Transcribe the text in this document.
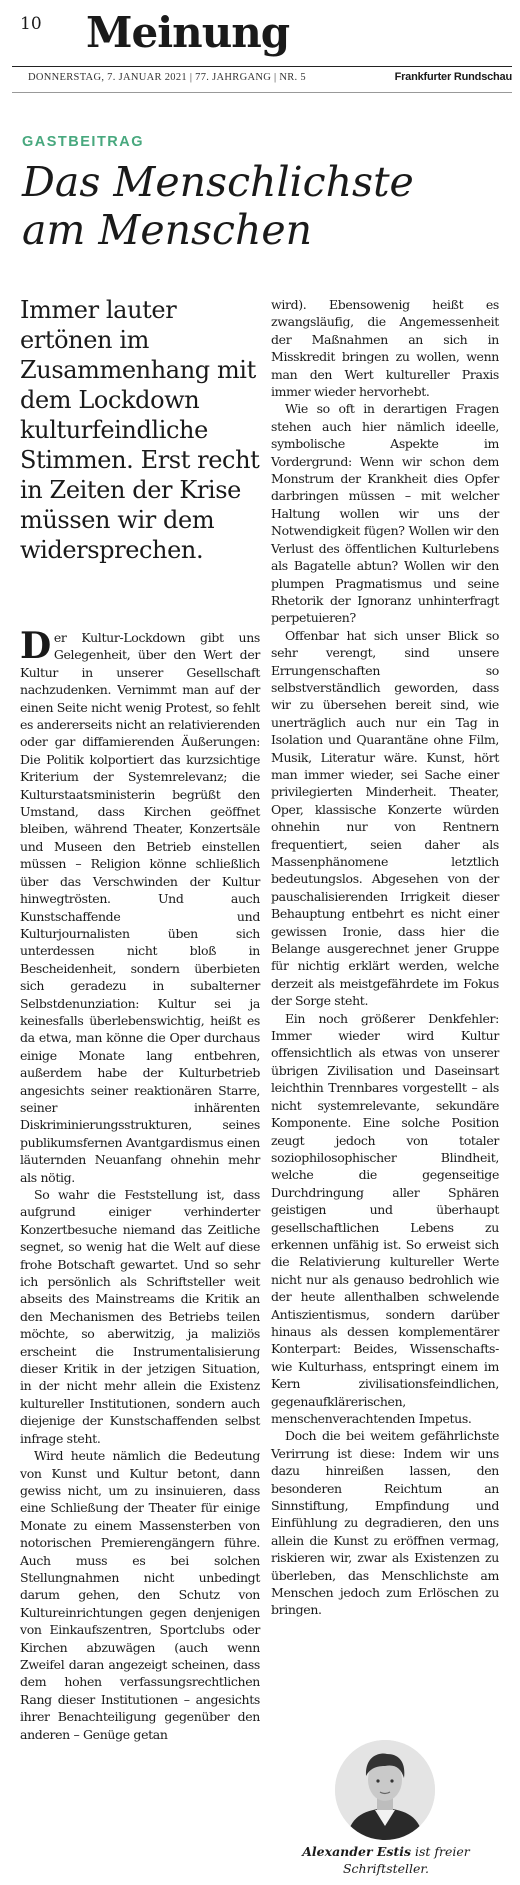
10 Meinung
DONNERSTAG, 7. JANUAR 2021 | 77. JAHRGANG | NR. 5	Frankfurter Rundschau
GASTBEITRAG
Das Menschlichste am Menschen

Immer lauter ertönen im Zusammenhang mit dem Lockdown kulturfeindliche Stimmen. Erst recht in Zeiten der Krise müssen wir dem widersprechen.

Der Kultur-Lockdown gibt uns Gelegenheit, über den Wert der Kultur in unserer Gesellschaft nachzudenken. Vernimmt man auf der einen Seite nicht wenig Protest, so fehlt es andererseits nicht an relativierenden oder gar diffamierenden Äußerungen: Die Politik kolportiert das kurzsichtige Kriterium der Systemrelevanz; die Kulturstaatsministerin begrüßt den Umstand, dass Kirchen geöffnet bleiben, während Theater, Konzertsäle und Museen den Betrieb einstellen müssen – Religion könne schließlich über das Verschwinden der Kultur hinwegtrösten. Und auch Kunstschaffende und Kulturjournalisten üben sich unterdessen nicht bloß in Bescheidenheit, sondern überbieten sich geradezu in subalterner Selbstdenunziation: Kultur sei ja keinesfalls überlebenswichtig, heißt es da etwa, man könne die Oper durchaus einige Monate lang entbehren, außerdem habe der Kulturbetrieb angesichts seiner reaktionären Starre, seiner inhärenten Diskriminierungsstrukturen, seines publikumsfernen Avantgardismus einen läuternden Neuanfang ohnehin mehr als nötig.

So wahr die Feststellung ist, dass aufgrund einiger verhinderter Konzertbesuche niemand das Zeitliche segnet, so wenig hat die Welt auf diese frohe Botschaft gewartet. Und so sehr ich persönlich als Schriftsteller weit abseits des Mainstreams die Kritik an den Mechanismen des Betriebs teilen möchte, so aberwitzig, ja maliziös erscheint die Instrumentalisierung dieser Kritik in der jetzigen Situation, in der nicht mehr allein die Existenz kultureller Institutionen, sondern auch diejenige der Kunstschaffenden selbst infrage steht.

Wird heute nämlich die Bedeutung von Kunst und Kultur betont, dann gewiss nicht, um zu insinuieren, dass eine Schließung der Theater für einige Monate zu einem Massensterben von notorischen Premierengängern führe. Auch muss es bei solchen Stellungnahmen nicht unbedingt darum gehen, den Schutz von Kultureinrichtungen gegen denjenigen von Einkaufszentren, Sportclubs oder Kirchen abzuwägen (auch wenn Zweifel daran angezeigt scheinen, dass dem hohen verfassungsrechtlichen Rang dieser Institutionen – angesichts ihrer Benachteiligung gegenüber den anderen – Genüge getan

wird). Ebensowenig heißt es zwangsläufig, die Angemessenheit der Maßnahmen an sich in Misskredit bringen zu wollen, wenn man den Wert kultureller Praxis immer wieder hervorhebt.

Wie so oft in derartigen Fragen stehen auch hier nämlich ideelle, symbolische Aspekte im Vordergrund: Wenn wir schon dem Monstrum der Krankheit dies Opfer darbringen müssen – mit welcher Haltung wollen wir uns der Notwendigkeit fügen? Wollen wir den Verlust des öffentlichen Kulturlebens als Bagatelle abtun? Wollen wir den plumpen Pragmatismus und seine Rhetorik der Ignoranz unhinterfragt perpetuieren?

Offenbar hat sich unser Blick so sehr verengt, sind unsere Errungenschaften so selbstverständlich geworden, dass wir zu übersehen bereit sind, wie unerträglich auch nur ein Tag in Isolation und Quarantäne ohne Film, Musik, Literatur wäre. Kunst, hört man immer wieder, sei Sache einer privilegierten Minderheit. Theater, Oper, klassische Konzerte würden ohnehin nur von Rentnern frequentiert, seien daher als Massenphänomene letztlich bedeutungslos. Abgesehen von der pauschalisierenden Irrigkeit dieser Behauptung entbehrt es nicht einer gewissen Ironie, dass hier die Belange ausgerechnet jener Gruppe für nichtig erklärt werden, welche derzeit als meistgefährdete im Fokus der Sorge steht.

Ein noch größerer Denkfehler: Immer wieder wird Kultur offensichtlich als etwas von unserer übrigen Zivilisation und Daseinsart leichthin Trennbares vorgestellt – als nicht systemrelevante, sekundäre Komponente. Eine solche Position zeugt jedoch von totaler soziophilosophischer Blindheit, welche die gegenseitige Durchdringung aller Sphären geistigen und überhaupt gesellschaftlichen Lebens zu erkennen unfähig ist. So erweist sich die Relativierung kultureller Werte nicht nur als genauso bedrohlich wie der heute allenthalben schwelende Antiszientismus, sondern darüber hinaus als dessen komplementärer Konterpart: Beides, Wissenschafts- wie Kulturhass, entspringt einem im Kern zivilisationsfeindlichen, gegenaufklärerischen, menschenverachtenden Impetus.

Doch die bei weitem gefährlichste Verirrung ist diese: Indem wir uns dazu hinreißen lassen, den besonderen Reichtum an Sinnstiftung, Empfindung und Einfühlung zu degradieren, den uns allein die Kunst zu eröffnen vermag, riskieren wir, zwar als Existenzen zu überleben, das Menschlichste am Menschen jedoch zum Erlöschen zu bringen.

Alexander Estis ist freier Schriftsteller.
